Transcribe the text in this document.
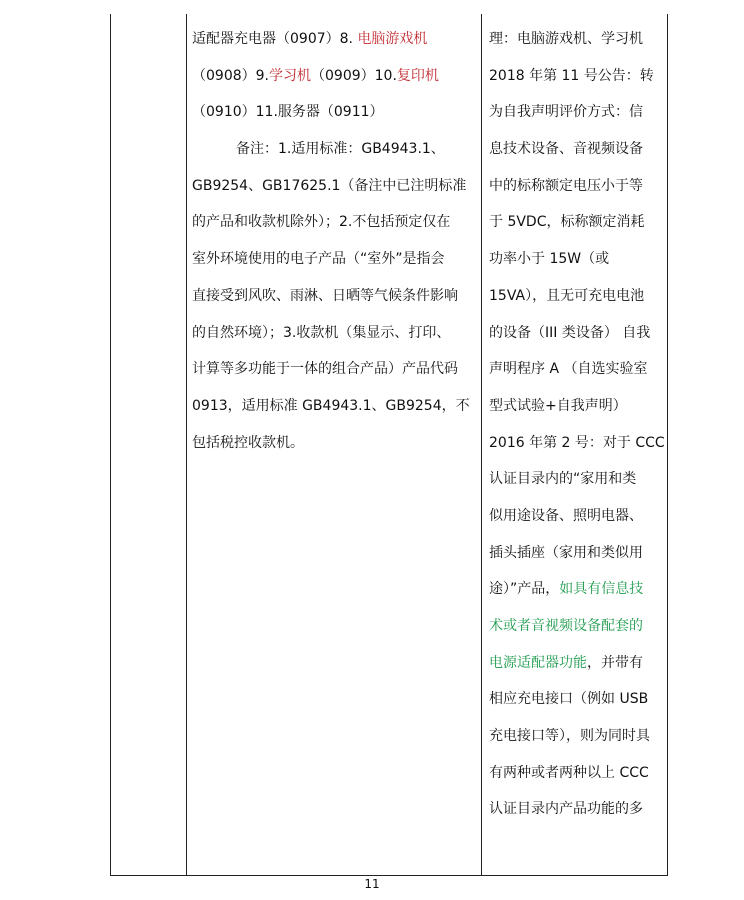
适配器充电器（0907）8. 电脑游戏机
（0908）9.学习机（0909）10.复印机
（0910）11.服务器（0911）
备注：1.适用标准：GB4943.1、
GB9254、GB17625.1（备注中已注明标准
的产品和收款机除外）；2.不包括预定仅在
室外环境使用的电子产品（“室外”是指会
直接受到风吹、雨淋、日晒等气候条件影响
的自然环境）；3.收款机（集显示、打印、
计算等多功能于一体的组合产品）产品代码
0913，适用标准 GB4943.1、GB9254，不
包括税控收款机。
理：电脑游戏机、学习机
2018 年第 11 号公告：转
为自我声明评价方式：信
息技术设备、音视频设备
中的标称额定电压小于等
于 5VDC，标称额定消耗
功率小于 15W（或
15VA），且无可充电电池
的设备（III 类设备） 自我
声明程序 A （自选实验室
型式试验+自我声明）
2016 年第 2 号：对于 CCC
认证目录内的“家用和类
似用途设备、照明电器、
插头插座（家用和类似用
途）”产品，如具有信息技
术或者音视频设备配套的
电源适配器功能，并带有
相应充电接口（例如 USB
充电接口等），则为同时具
有两种或者两种以上 CCC
认证目录内产品功能的多
11
